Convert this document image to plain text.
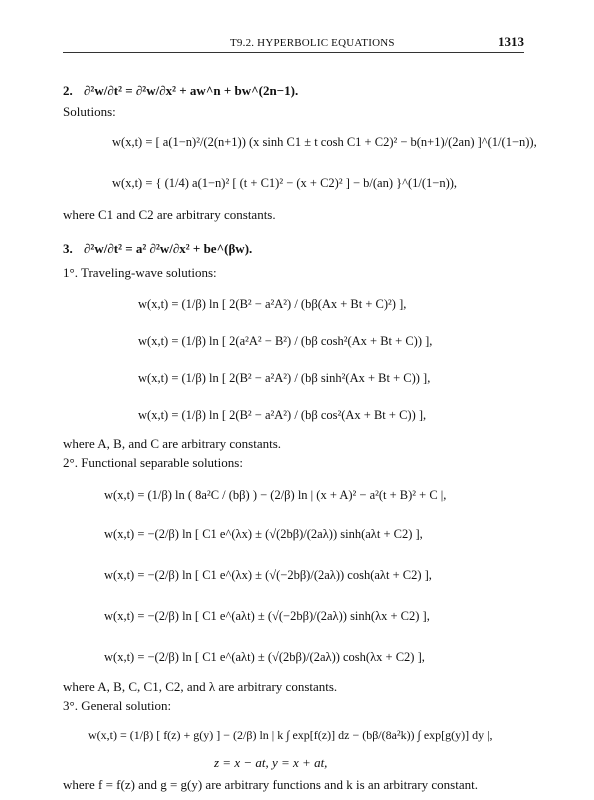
T9.2. HYPERBOLIC EQUATIONS	1313
2. ∂²w/∂t² = ∂²w/∂x² + aw^n + bw^(2n−1).
Solutions:
w(x,t) = [ a(1−n)²/(2(n+1)) (x sinh C1 ± t cosh C1 + C2)² − b(n+1)/(2an) ]^(1/(1−n)),
w(x,t) = { (1/4) a(1−n)² [ (t + C1)² − (x + C2)² ] − b/(an) }^(1/(1−n)),
where C1 and C2 are arbitrary constants.
3. ∂²w/∂t² = a² ∂²w/∂x² + be^(βw).
1°. Traveling-wave solutions:
w(x,t) = (1/β) ln [ 2(B² − a²A²) / (bβ(Ax + Bt + C)²) ],
w(x,t) = (1/β) ln [ 2(a²A² − B²) / (bβ cosh²(Ax + Bt + C)) ],
w(x,t) = (1/β) ln [ 2(B² − a²A²) / (bβ sinh²(Ax + Bt + C)) ],
w(x,t) = (1/β) ln [ 2(B² − a²A²) / (bβ cos²(Ax + Bt + C)) ],
where A, B, and C are arbitrary constants.
2°. Functional separable solutions:
w(x,t) = (1/β) ln ( 8a²C / (bβ) ) − (2/β) ln | (x + A)² − a²(t + B)² + C |,
w(x,t) = −(2/β) ln [ C1 e^(λx) ± (√(2bβ)/(2aλ)) sinh(aλt + C2) ],
w(x,t) = −(2/β) ln [ C1 e^(λx) ± (√(−2bβ)/(2aλ)) cosh(aλt + C2) ],
w(x,t) = −(2/β) ln [ C1 e^(aλt) ± (√(−2bβ)/(2aλ)) sinh(λx + C2) ],
w(x,t) = −(2/β) ln [ C1 e^(aλt) ± (√(2bβ)/(2aλ)) cosh(λx + C2) ],
where A, B, C, C1, C2, and λ are arbitrary constants.
3°. General solution:
w(x,t) = (1/β) [ f(z) + g(y) ] − (2/β) ln | k ∫ exp[f(z)] dz − (bβ/(8a²k)) ∫ exp[g(y)] dy |,
z = x − at, y = x + at,
where f = f(z) and g = g(y) are arbitrary functions and k is an arbitrary constant.
